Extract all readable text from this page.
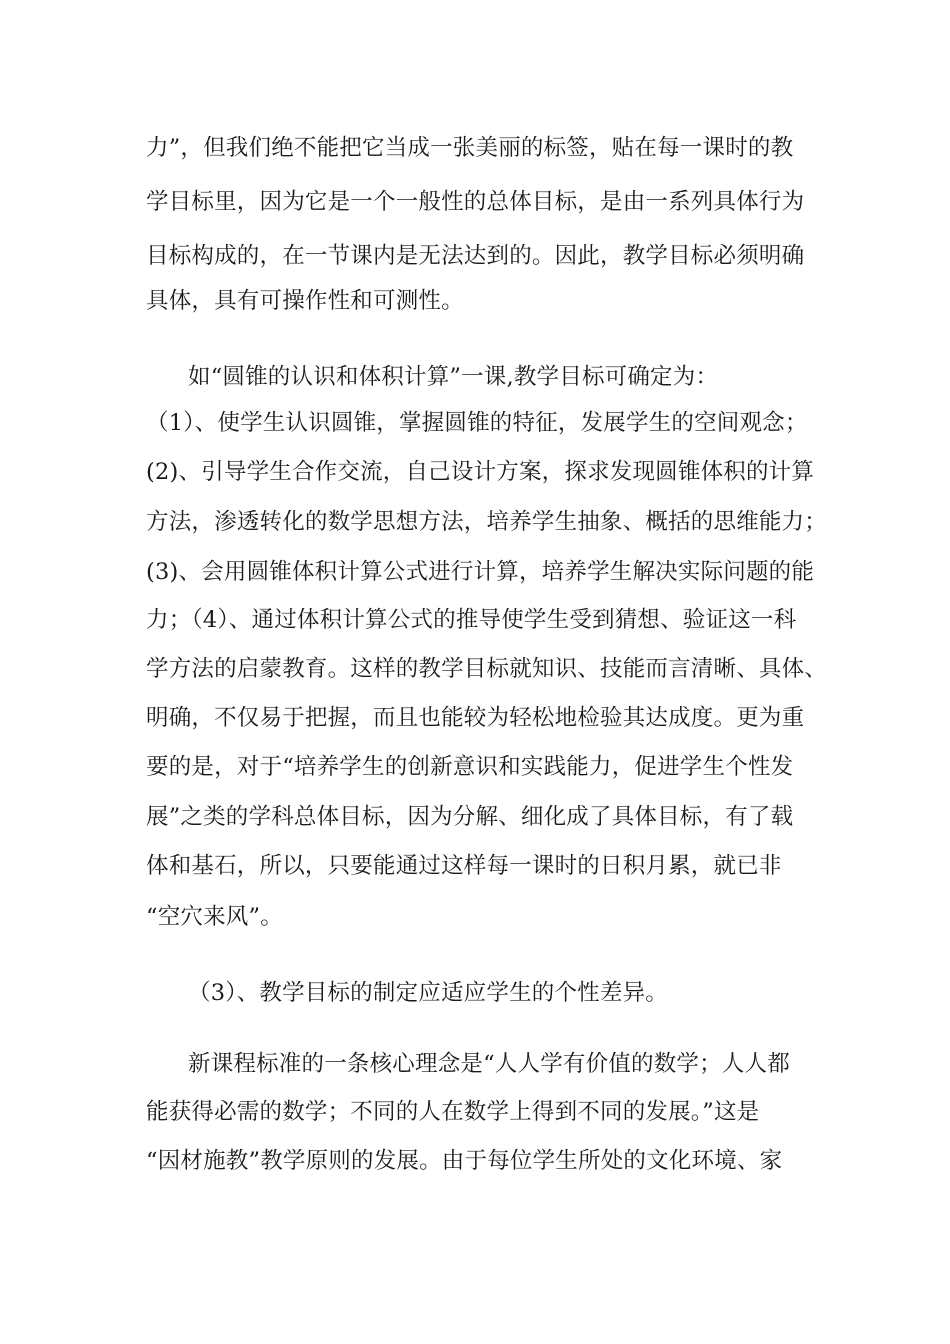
力”，但我们绝不能把它当成一张美丽的标签，贴在每一课时的教
学目标里，因为它是一个一般性的总体目标，是由一系列具体行为
目标构成的，在一节课内是无法达到的。因此，教学目标必须明确
具体，具有可操作性和可测性。
如“圆锥的认识和体积计算”一课,教学目标可确定为：
（1）、使学生认识圆锥，掌握圆锥的特征，发展学生的空间观念；
(2)、引导学生合作交流，自己设计方案，探求发现圆锥体积的计算
方法，渗透转化的数学思想方法，培养学生抽象、概括的思维能力；
(3)、会用圆锥体积计算公式进行计算，培养学生解决实际问题的能
力；（4）、通过体积计算公式的推导使学生受到猜想、验证这一科
学方法的启蒙教育。这样的教学目标就知识、技能而言清晰、具体、
明确，不仅易于把握，而且也能较为轻松地检验其达成度。更为重
要的是，对于“培养学生的创新意识和实践能力，促进学生个性发
展”之类的学科总体目标，因为分解、细化成了具体目标，有了载
体和基石，所以，只要能通过这样每一课时的日积月累，就已非
“空穴来风”。
（3）、教学目标的制定应适应学生的个性差异。
新课程标准的一条核心理念是“人人学有价值的数学；人人都
能获得必需的数学；不同的人在数学上得到不同的发展。”这是
“因材施教”教学原则的发展。由于每位学生所处的文化环境、家
